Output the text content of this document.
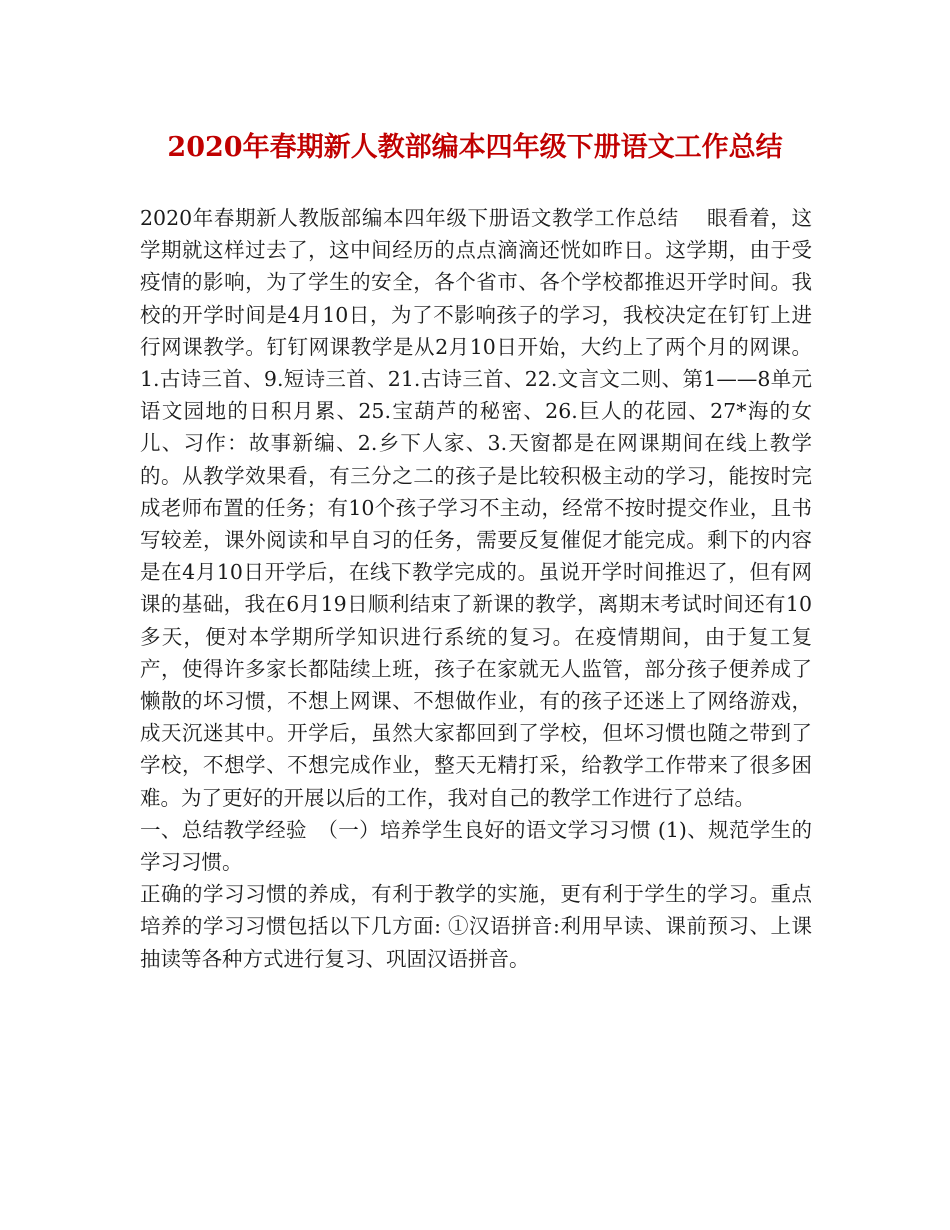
2020年春期新人教部编本四年级下册语文工作总结

2020年春期新人教版部编本四年级下册语文教学工作总结　 眼看着，这学期就这样过去了，这中间经历的点点滴滴还恍如昨日。这学期，由于受疫情的影响，为了学生的安全，各个省市、各个学校都推迟开学时间。我校的开学时间是4月10日，为了不影响孩子的学习，我校决定在钉钉上进行网课教学。钉钉网课教学是从2月10日开始，大约上了两个月的网课。1.古诗三首、9.短诗三首、21.古诗三首、22.文言文二则、第1——8单元语文园地的日积月累、25.宝葫芦的秘密、26.巨人的花园、27*海的女儿、习作：故事新编、2.乡下人家、3.天窗都是在网课期间在线上教学的。从教学效果看，有三分之二的孩子是比较积极主动的学习，能按时完成老师布置的任务；有10个孩子学习不主动，经常不按时提交作业，且书写较差，课外阅读和早自习的任务，需要反复催促才能完成。剩下的内容是在4月10日开学后，在线下教学完成的。虽说开学时间推迟了，但有网课的基础，我在6月19日顺利结束了新课的教学，离期末考试时间还有10多天，便对本学期所学知识进行系统的复习。在疫情期间，由于复工复产，使得许多家长都陆续上班，孩子在家就无人监管，部分孩子便养成了懒散的坏习惯，不想上网课、不想做作业，有的孩子还迷上了网络游戏，成天沉迷其中。开学后，虽然大家都回到了学校，但坏习惯也随之带到了学校，不想学、不想完成作业，整天无精打采，给教学工作带来了很多困难。为了更好的开展以后的工作，我对自己的教学工作进行了总结。

一、总结教学经验　（一）培养学生良好的语文学习习惯 (1)、规范学生的学习习惯。

正确的学习习惯的养成，有利于教学的实施，更有利于学生的学习。重点培养的学习习惯包括以下几方面: ①汉语拼音:利用早读、课前预习、上课抽读等各种方式进行复习、巩固汉语拼音。
